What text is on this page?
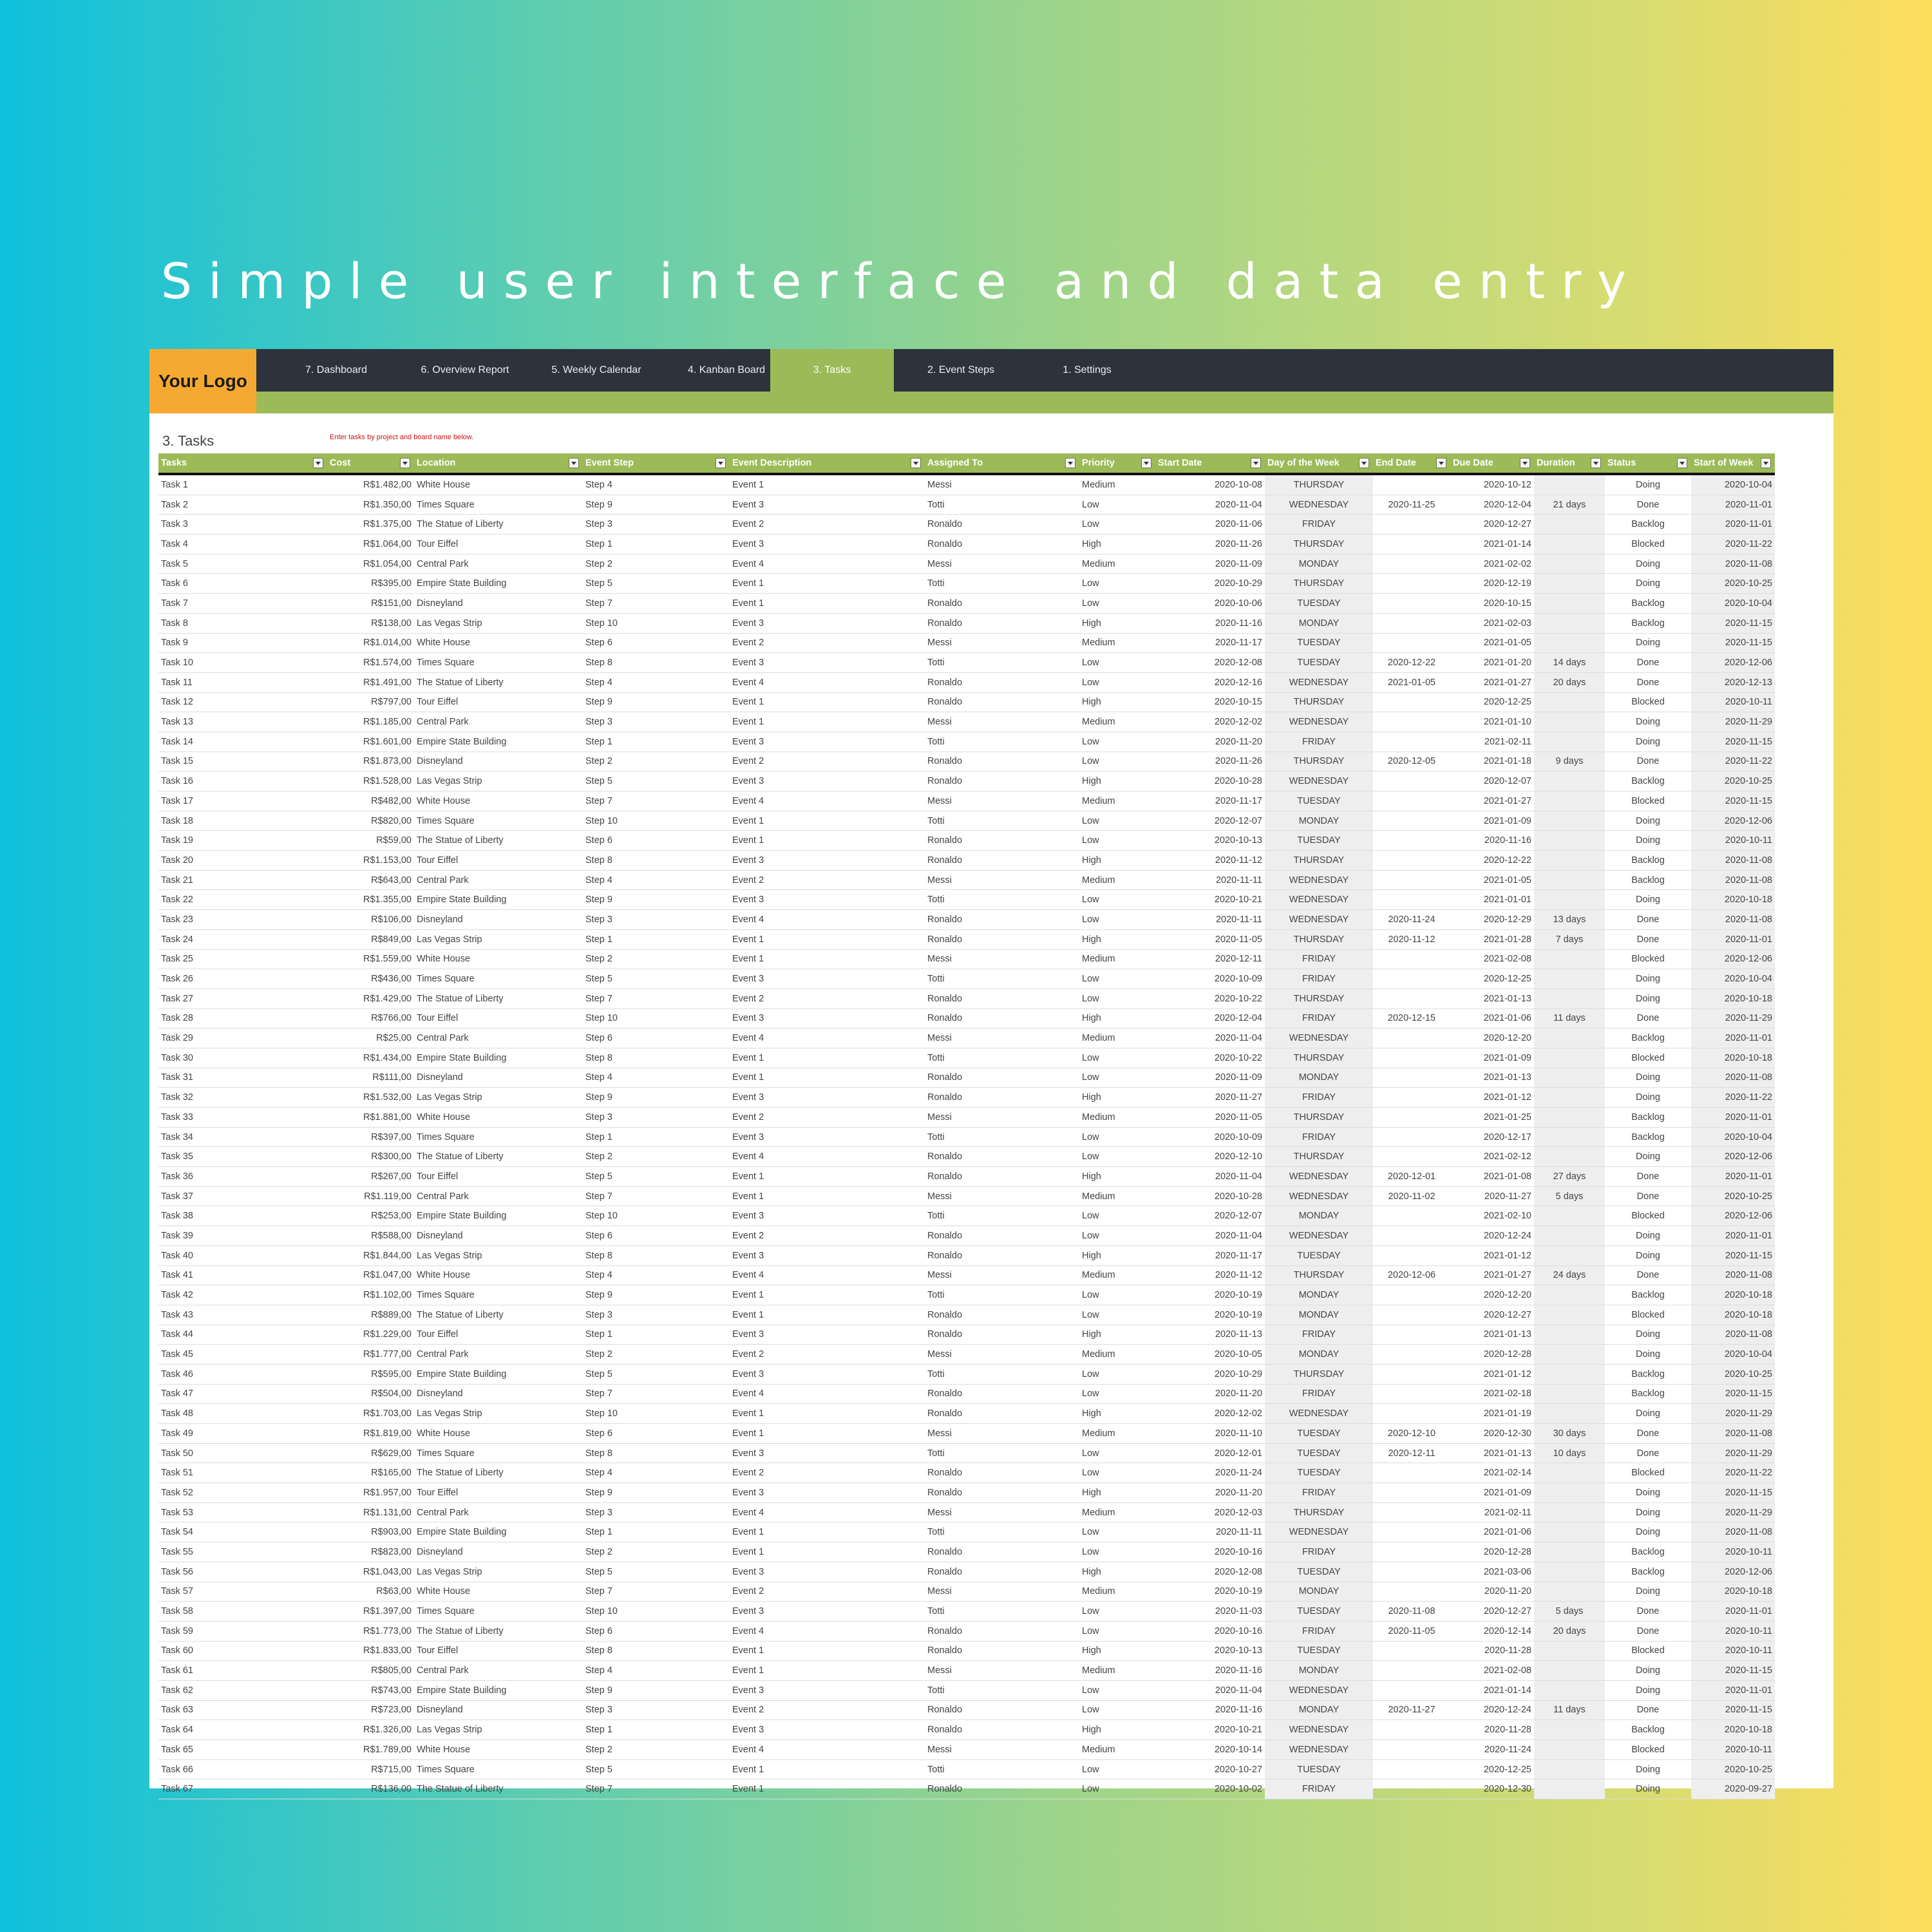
Simple user interface and data entry
7. Dashboard	6. Overview Report	5. Weekly Calendar	4. Kanban Board	3. Tasks	2. Event Steps	1. Settings
Your Logo
3. Tasks	Enter tasks by project and board name below.
Tasks	Cost	Location	Event Step	Event Description	Assigned To	Priority	Start Date	Day of the Week	End Date	Due Date	Duration	Status	Start of Week

Task 1	R$1.482,00	White House	Step 4	Event 1	Messi	Medium	2020-10-08	THURSDAY		2020-10-12		Doing	2020-10-04
Task 2	R$1.350,00	Times Square	Step 9	Event 3	Totti	Low	2020-11-04	WEDNESDAY	2020-11-25	2020-12-04	21 days	Done	2020-11-01
Task 3	R$1.375,00	The Statue of Liberty	Step 3	Event 2	Ronaldo	Low	2020-11-06	FRIDAY		2020-12-27		Backlog	2020-11-01
Task 4	R$1.064,00	Tour Eiffel	Step 1	Event 3	Ronaldo	High	2020-11-26	THURSDAY		2021-01-14		Blocked	2020-11-22
Task 5	R$1.054,00	Central Park	Step 2	Event 4	Messi	Medium	2020-11-09	MONDAY		2021-02-02		Doing	2020-11-08
Task 6	R$395,00	Empire State Building	Step 5	Event 1	Totti	Low	2020-10-29	THURSDAY		2020-12-19		Doing	2020-10-25
Task 7	R$151,00	Disneyland	Step 7	Event 1	Ronaldo	Low	2020-10-06	TUESDAY		2020-10-15		Backlog	2020-10-04
Task 8	R$138,00	Las Vegas Strip	Step 10	Event 3	Ronaldo	High	2020-11-16	MONDAY		2021-02-03		Backlog	2020-11-15
Task 9	R$1.014,00	White House	Step 6	Event 2	Messi	Medium	2020-11-17	TUESDAY		2021-01-05		Doing	2020-11-15
Task 10	R$1.574,00	Times Square	Step 8	Event 3	Totti	Low	2020-12-08	TUESDAY	2020-12-22	2021-01-20	14 days	Done	2020-12-06
Task 11	R$1.491,00	The Statue of Liberty	Step 4	Event 4	Ronaldo	Low	2020-12-16	WEDNESDAY	2021-01-05	2021-01-27	20 days	Done	2020-12-13
Task 12	R$797,00	Tour Eiffel	Step 9	Event 1	Ronaldo	High	2020-10-15	THURSDAY		2020-12-25		Blocked	2020-10-11
Task 13	R$1.185,00	Central Park	Step 3	Event 1	Messi	Medium	2020-12-02	WEDNESDAY		2021-01-10		Doing	2020-11-29
Task 14	R$1.601,00	Empire State Building	Step 1	Event 3	Totti	Low	2020-11-20	FRIDAY		2021-02-11		Doing	2020-11-15
Task 15	R$1.873,00	Disneyland	Step 2	Event 2	Ronaldo	Low	2020-11-26	THURSDAY	2020-12-05	2021-01-18	9 days	Done	2020-11-22
Task 16	R$1.528,00	Las Vegas Strip	Step 5	Event 3	Ronaldo	High	2020-10-28	WEDNESDAY		2020-12-07		Backlog	2020-10-25
Task 17	R$482,00	White House	Step 7	Event 4	Messi	Medium	2020-11-17	TUESDAY		2021-01-27		Blocked	2020-11-15
Task 18	R$820,00	Times Square	Step 10	Event 1	Totti	Low	2020-12-07	MONDAY		2021-01-09		Doing	2020-12-06
Task 19	R$59,00	The Statue of Liberty	Step 6	Event 1	Ronaldo	Low	2020-10-13	TUESDAY		2020-11-16		Doing	2020-10-11
Task 20	R$1.153,00	Tour Eiffel	Step 8	Event 3	Ronaldo	High	2020-11-12	THURSDAY		2020-12-22		Backlog	2020-11-08
Task 21	R$643,00	Central Park	Step 4	Event 2	Messi	Medium	2020-11-11	WEDNESDAY		2021-01-05		Backlog	2020-11-08
Task 22	R$1.355,00	Empire State Building	Step 9	Event 3	Totti	Low	2020-10-21	WEDNESDAY		2021-01-01		Doing	2020-10-18
Task 23	R$106,00	Disneyland	Step 3	Event 4	Ronaldo	Low	2020-11-11	WEDNESDAY	2020-11-24	2020-12-29	13 days	Done	2020-11-08
Task 24	R$849,00	Las Vegas Strip	Step 1	Event 1	Ronaldo	High	2020-11-05	THURSDAY	2020-11-12	2021-01-28	7 days	Done	2020-11-01
Task 25	R$1.559,00	White House	Step 2	Event 1	Messi	Medium	2020-12-11	FRIDAY		2021-02-08		Blocked	2020-12-06
Task 26	R$436,00	Times Square	Step 5	Event 3	Totti	Low	2020-10-09	FRIDAY		2020-12-25		Doing	2020-10-04
Task 27	R$1.429,00	The Statue of Liberty	Step 7	Event 2	Ronaldo	Low	2020-10-22	THURSDAY		2021-01-13		Doing	2020-10-18
Task 28	R$766,00	Tour Eiffel	Step 10	Event 3	Ronaldo	High	2020-12-04	FRIDAY	2020-12-15	2021-01-06	11 days	Done	2020-11-29
Task 29	R$25,00	Central Park	Step 6	Event 4	Messi	Medium	2020-11-04	WEDNESDAY		2020-12-20		Backlog	2020-11-01
Task 30	R$1.434,00	Empire State Building	Step 8	Event 1	Totti	Low	2020-10-22	THURSDAY		2021-01-09		Blocked	2020-10-18
Task 31	R$111,00	Disneyland	Step 4	Event 1	Ronaldo	Low	2020-11-09	MONDAY		2021-01-13		Doing	2020-11-08
Task 32	R$1.532,00	Las Vegas Strip	Step 9	Event 3	Ronaldo	High	2020-11-27	FRIDAY		2021-01-12		Doing	2020-11-22
Task 33	R$1.881,00	White House	Step 3	Event 2	Messi	Medium	2020-11-05	THURSDAY		2021-01-25		Backlog	2020-11-01
Task 34	R$397,00	Times Square	Step 1	Event 3	Totti	Low	2020-10-09	FRIDAY		2020-12-17		Backlog	2020-10-04
Task 35	R$300,00	The Statue of Liberty	Step 2	Event 4	Ronaldo	Low	2020-12-10	THURSDAY		2021-02-12		Doing	2020-12-06
Task 36	R$267,00	Tour Eiffel	Step 5	Event 1	Ronaldo	High	2020-11-04	WEDNESDAY	2020-12-01	2021-01-08	27 days	Done	2020-11-01
Task 37	R$1.119,00	Central Park	Step 7	Event 1	Messi	Medium	2020-10-28	WEDNESDAY	2020-11-02	2020-11-27	5 days	Done	2020-10-25
Task 38	R$253,00	Empire State Building	Step 10	Event 3	Totti	Low	2020-12-07	MONDAY		2021-02-10		Blocked	2020-12-06
Task 39	R$588,00	Disneyland	Step 6	Event 2	Ronaldo	Low	2020-11-04	WEDNESDAY		2020-12-24		Doing	2020-11-01
Task 40	R$1.844,00	Las Vegas Strip	Step 8	Event 3	Ronaldo	High	2020-11-17	TUESDAY		2021-01-12		Doing	2020-11-15
Task 41	R$1.047,00	White House	Step 4	Event 4	Messi	Medium	2020-11-12	THURSDAY	2020-12-06	2021-01-27	24 days	Done	2020-11-08
Task 42	R$1.102,00	Times Square	Step 9	Event 1	Totti	Low	2020-10-19	MONDAY		2020-12-20		Backlog	2020-10-18
Task 43	R$889,00	The Statue of Liberty	Step 3	Event 1	Ronaldo	Low	2020-10-19	MONDAY		2020-12-27		Blocked	2020-10-18
Task 44	R$1.229,00	Tour Eiffel	Step 1	Event 3	Ronaldo	High	2020-11-13	FRIDAY		2021-01-13		Doing	2020-11-08
Task 45	R$1.777,00	Central Park	Step 2	Event 2	Messi	Medium	2020-10-05	MONDAY		2020-12-28		Doing	2020-10-04
Task 46	R$595,00	Empire State Building	Step 5	Event 3	Totti	Low	2020-10-29	THURSDAY		2021-01-12		Backlog	2020-10-25
Task 47	R$504,00	Disneyland	Step 7	Event 4	Ronaldo	Low	2020-11-20	FRIDAY		2021-02-18		Backlog	2020-11-15
Task 48	R$1.703,00	Las Vegas Strip	Step 10	Event 1	Ronaldo	High	2020-12-02	WEDNESDAY		2021-01-19		Doing	2020-11-29
Task 49	R$1.819,00	White House	Step 6	Event 1	Messi	Medium	2020-11-10	TUESDAY	2020-12-10	2020-12-30	30 days	Done	2020-11-08
Task 50	R$629,00	Times Square	Step 8	Event 3	Totti	Low	2020-12-01	TUESDAY	2020-12-11	2021-01-13	10 days	Done	2020-11-29
Task 51	R$165,00	The Statue of Liberty	Step 4	Event 2	Ronaldo	Low	2020-11-24	TUESDAY		2021-02-14		Blocked	2020-11-22
Task 52	R$1.957,00	Tour Eiffel	Step 9	Event 3	Ronaldo	High	2020-11-20	FRIDAY		2021-01-09		Doing	2020-11-15
Task 53	R$1.131,00	Central Park	Step 3	Event 4	Messi	Medium	2020-12-03	THURSDAY		2021-02-11		Doing	2020-11-29
Task 54	R$903,00	Empire State Building	Step 1	Event 1	Totti	Low	2020-11-11	WEDNESDAY		2021-01-06		Doing	2020-11-08
Task 55	R$823,00	Disneyland	Step 2	Event 1	Ronaldo	Low	2020-10-16	FRIDAY		2020-12-28		Backlog	2020-10-11
Task 56	R$1.043,00	Las Vegas Strip	Step 5	Event 3	Ronaldo	High	2020-12-08	TUESDAY		2021-03-06		Backlog	2020-12-06
Task 57	R$63,00	White House	Step 7	Event 2	Messi	Medium	2020-10-19	MONDAY		2020-11-20		Doing	2020-10-18
Task 58	R$1.397,00	Times Square	Step 10	Event 3	Totti	Low	2020-11-03	TUESDAY	2020-11-08	2020-12-27	5 days	Done	2020-11-01
Task 59	R$1.773,00	The Statue of Liberty	Step 6	Event 4	Ronaldo	Low	2020-10-16	FRIDAY	2020-11-05	2020-12-14	20 days	Done	2020-10-11
Task 60	R$1.833,00	Tour Eiffel	Step 8	Event 1	Ronaldo	High	2020-10-13	TUESDAY		2020-11-28		Blocked	2020-10-11
Task 61	R$805,00	Central Park	Step 4	Event 1	Messi	Medium	2020-11-16	MONDAY		2021-02-08		Doing	2020-11-15
Task 62	R$743,00	Empire State Building	Step 9	Event 3	Totti	Low	2020-11-04	WEDNESDAY		2021-01-14		Doing	2020-11-01
Task 63	R$723,00	Disneyland	Step 3	Event 2	Ronaldo	Low	2020-11-16	MONDAY	2020-11-27	2020-12-24	11 days	Done	2020-11-15
Task 64	R$1.326,00	Las Vegas Strip	Step 1	Event 3	Ronaldo	High	2020-10-21	WEDNESDAY		2020-11-28		Backlog	2020-10-18
Task 65	R$1.789,00	White House	Step 2	Event 4	Messi	Medium	2020-10-14	WEDNESDAY		2020-11-24		Blocked	2020-10-11
Task 66	R$715,00	Times Square	Step 5	Event 1	Totti	Low	2020-10-27	TUESDAY		2020-12-25		Doing	2020-10-25
Task 67	R$136,00	The Statue of Liberty	Step 7	Event 1	Ronaldo	Low	2020-10-02	FRIDAY		2020-12-30		Doing	2020-09-27
